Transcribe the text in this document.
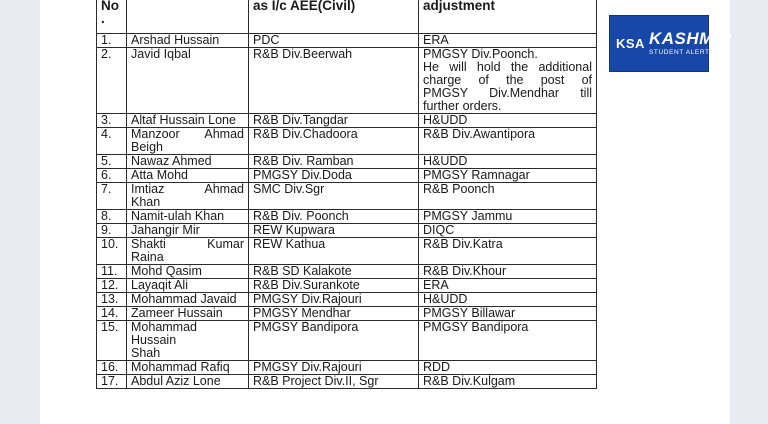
No
.		as I/c AEE(Civil)	adjustment
1.	Arshad Hussain	PDC	ERA
2.	Javid Iqbal	R&B Div.Beerwah	PMGSY Div.Poonch.
He will hold the additional
charge of the post of
PMGSY Div.Mendhar till
further orders.

3.	Altaf Hussain Lone	R&B Div.Tangdar	H&UDD
4.	Manzoor Ahmad
Beigh	R&B Div.Chadoora	R&B Div.Awantipora
5.	Nawaz Ahmed	R&B Div. Ramban	H&UDD
6.	Atta Mohd	PMGSY Div.Doda	PMGSY Ramnagar
7.	Imtiaz Ahmad
Khan	SMC Div.Sgr	R&B Poonch
8.	Namit-ulah Khan	R&B Div. Poonch	PMGSY Jammu
9.	Jahangir Mir	REW Kupwara	DIQC
10.	Shakti Kumar
Raina	REW Kathua	R&B Div.Katra
11.	Mohd Qasim	R&B SD Kalakote	R&B Div.Khour
12.	Layaqit Ali	R&B Div.Surankote	ERA
13.	Mohammad Javaid	PMGSY Div.Rajouri	H&UDD
14.	Zameer Hussain	PMGSY Mendhar	PMGSY Billawar
15.	Mohammad Hussain
Shah	PMGSY Bandipora	PMGSY Bandipora
16.	Mohammad Rafiq	PMGSY Div.Rajouri	RDD
17.	Abdul Aziz Lone	R&B Project Div.II, Sgr	R&B Div.Kulgam
KSA KASHMIR
STUDENT ALERTS
